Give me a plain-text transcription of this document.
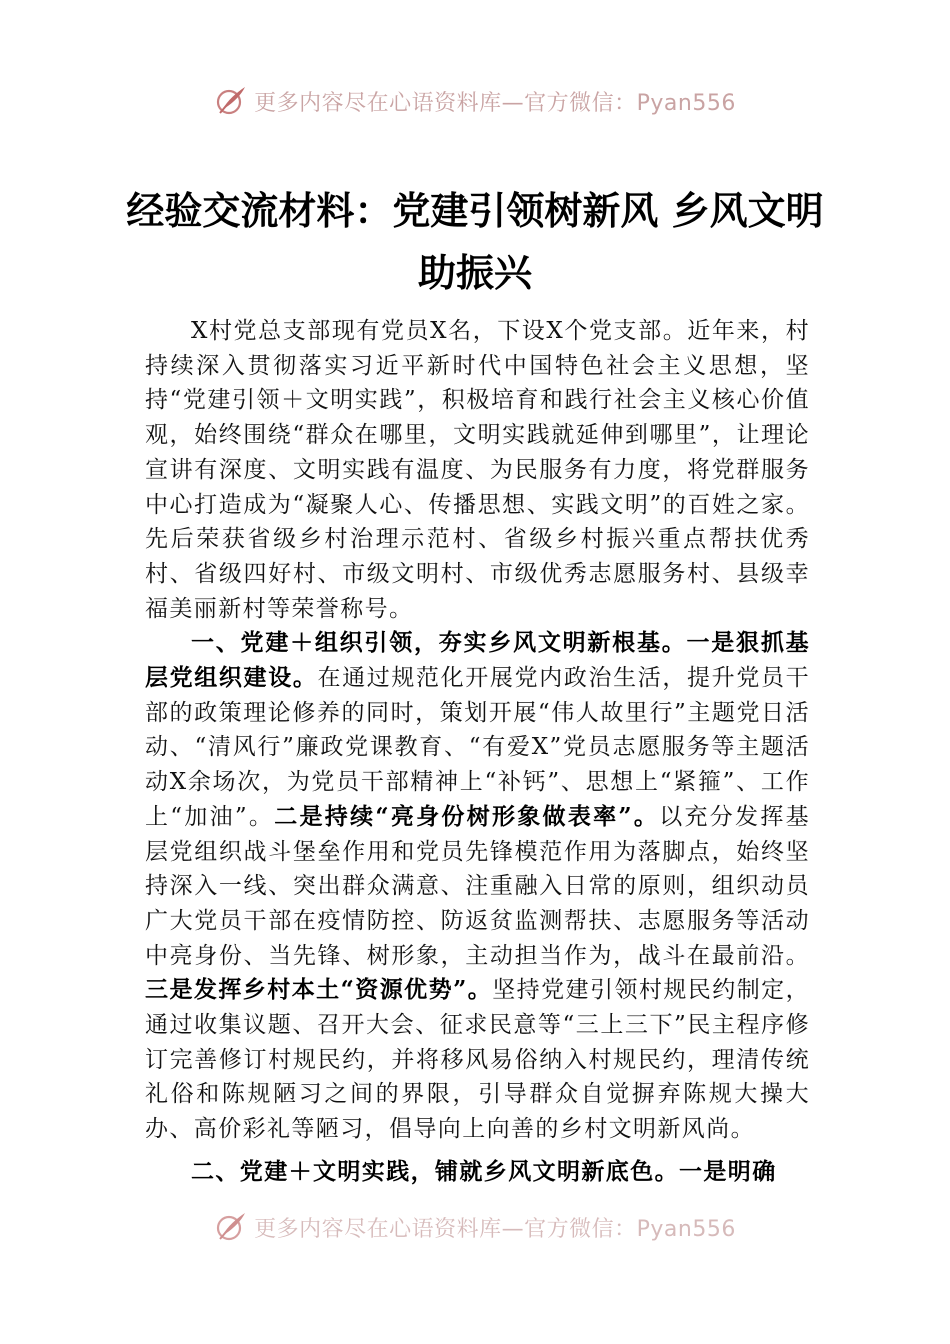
更多内容尽在心语资料库—官方微信：Pyan556
经验交流材料：党建引领树新风 乡风文明助振兴

X村党总支部现有党员X名，下设X个党支部。近年来，村持续深入贯彻落实习近平新时代中国特色社会主义思想，坚持“党建引领＋文明实践”，积极培育和践行社会主义核心价值观，始终围绕“群众在哪里，文明实践就延伸到哪里”，让理论宣讲有深度、文明实践有温度、为民服务有力度，将党群服务中心打造成为“凝聚人心、传播思想、实践文明”的百姓之家。先后荣获省级乡村治理示范村、省级乡村振兴重点帮扶优秀村、省级四好村、市级文明村、市级优秀志愿服务村、县级幸福美丽新村等荣誉称号。

一、党建＋组织引领，夯实乡风文明新根基。一是狠抓基层党组织建设。在通过规范化开展党内政治生活，提升党员干部的政策理论修养的同时，策划开展“伟人故里行”主题党日活动、“清风行”廉政党课教育、“有爱X”党员志愿服务等主题活动X余场次，为党员干部精神上“补钙”、思想上“紧箍”、工作上“加油”。二是持续“亮身份树形象做表率”。以充分发挥基层党组织战斗堡垒作用和党员先锋模范作用为落脚点，始终坚持深入一线、突出群众满意、注重融入日常的原则，组织动员广大党员干部在疫情防控、防返贫监测帮扶、志愿服务等活动中亮身份、当先锋、树形象，主动担当作为，战斗在最前沿。三是发挥乡村本土“资源优势”。坚持党建引领村规民约制定，通过收集议题、召开大会、征求民意等“三上三下”民主程序修订完善修订村规民约，并将移风易俗纳入村规民约，理清传统礼俗和陈规陋习之间的界限，引导群众自觉摒弃陈规大操大办、高价彩礼等陋习，倡导向上向善的乡村文明新风尚。

二、党建＋文明实践，铺就乡风文明新底色。一是明确

更多内容尽在心语资料库—官方微信：Pyan556
